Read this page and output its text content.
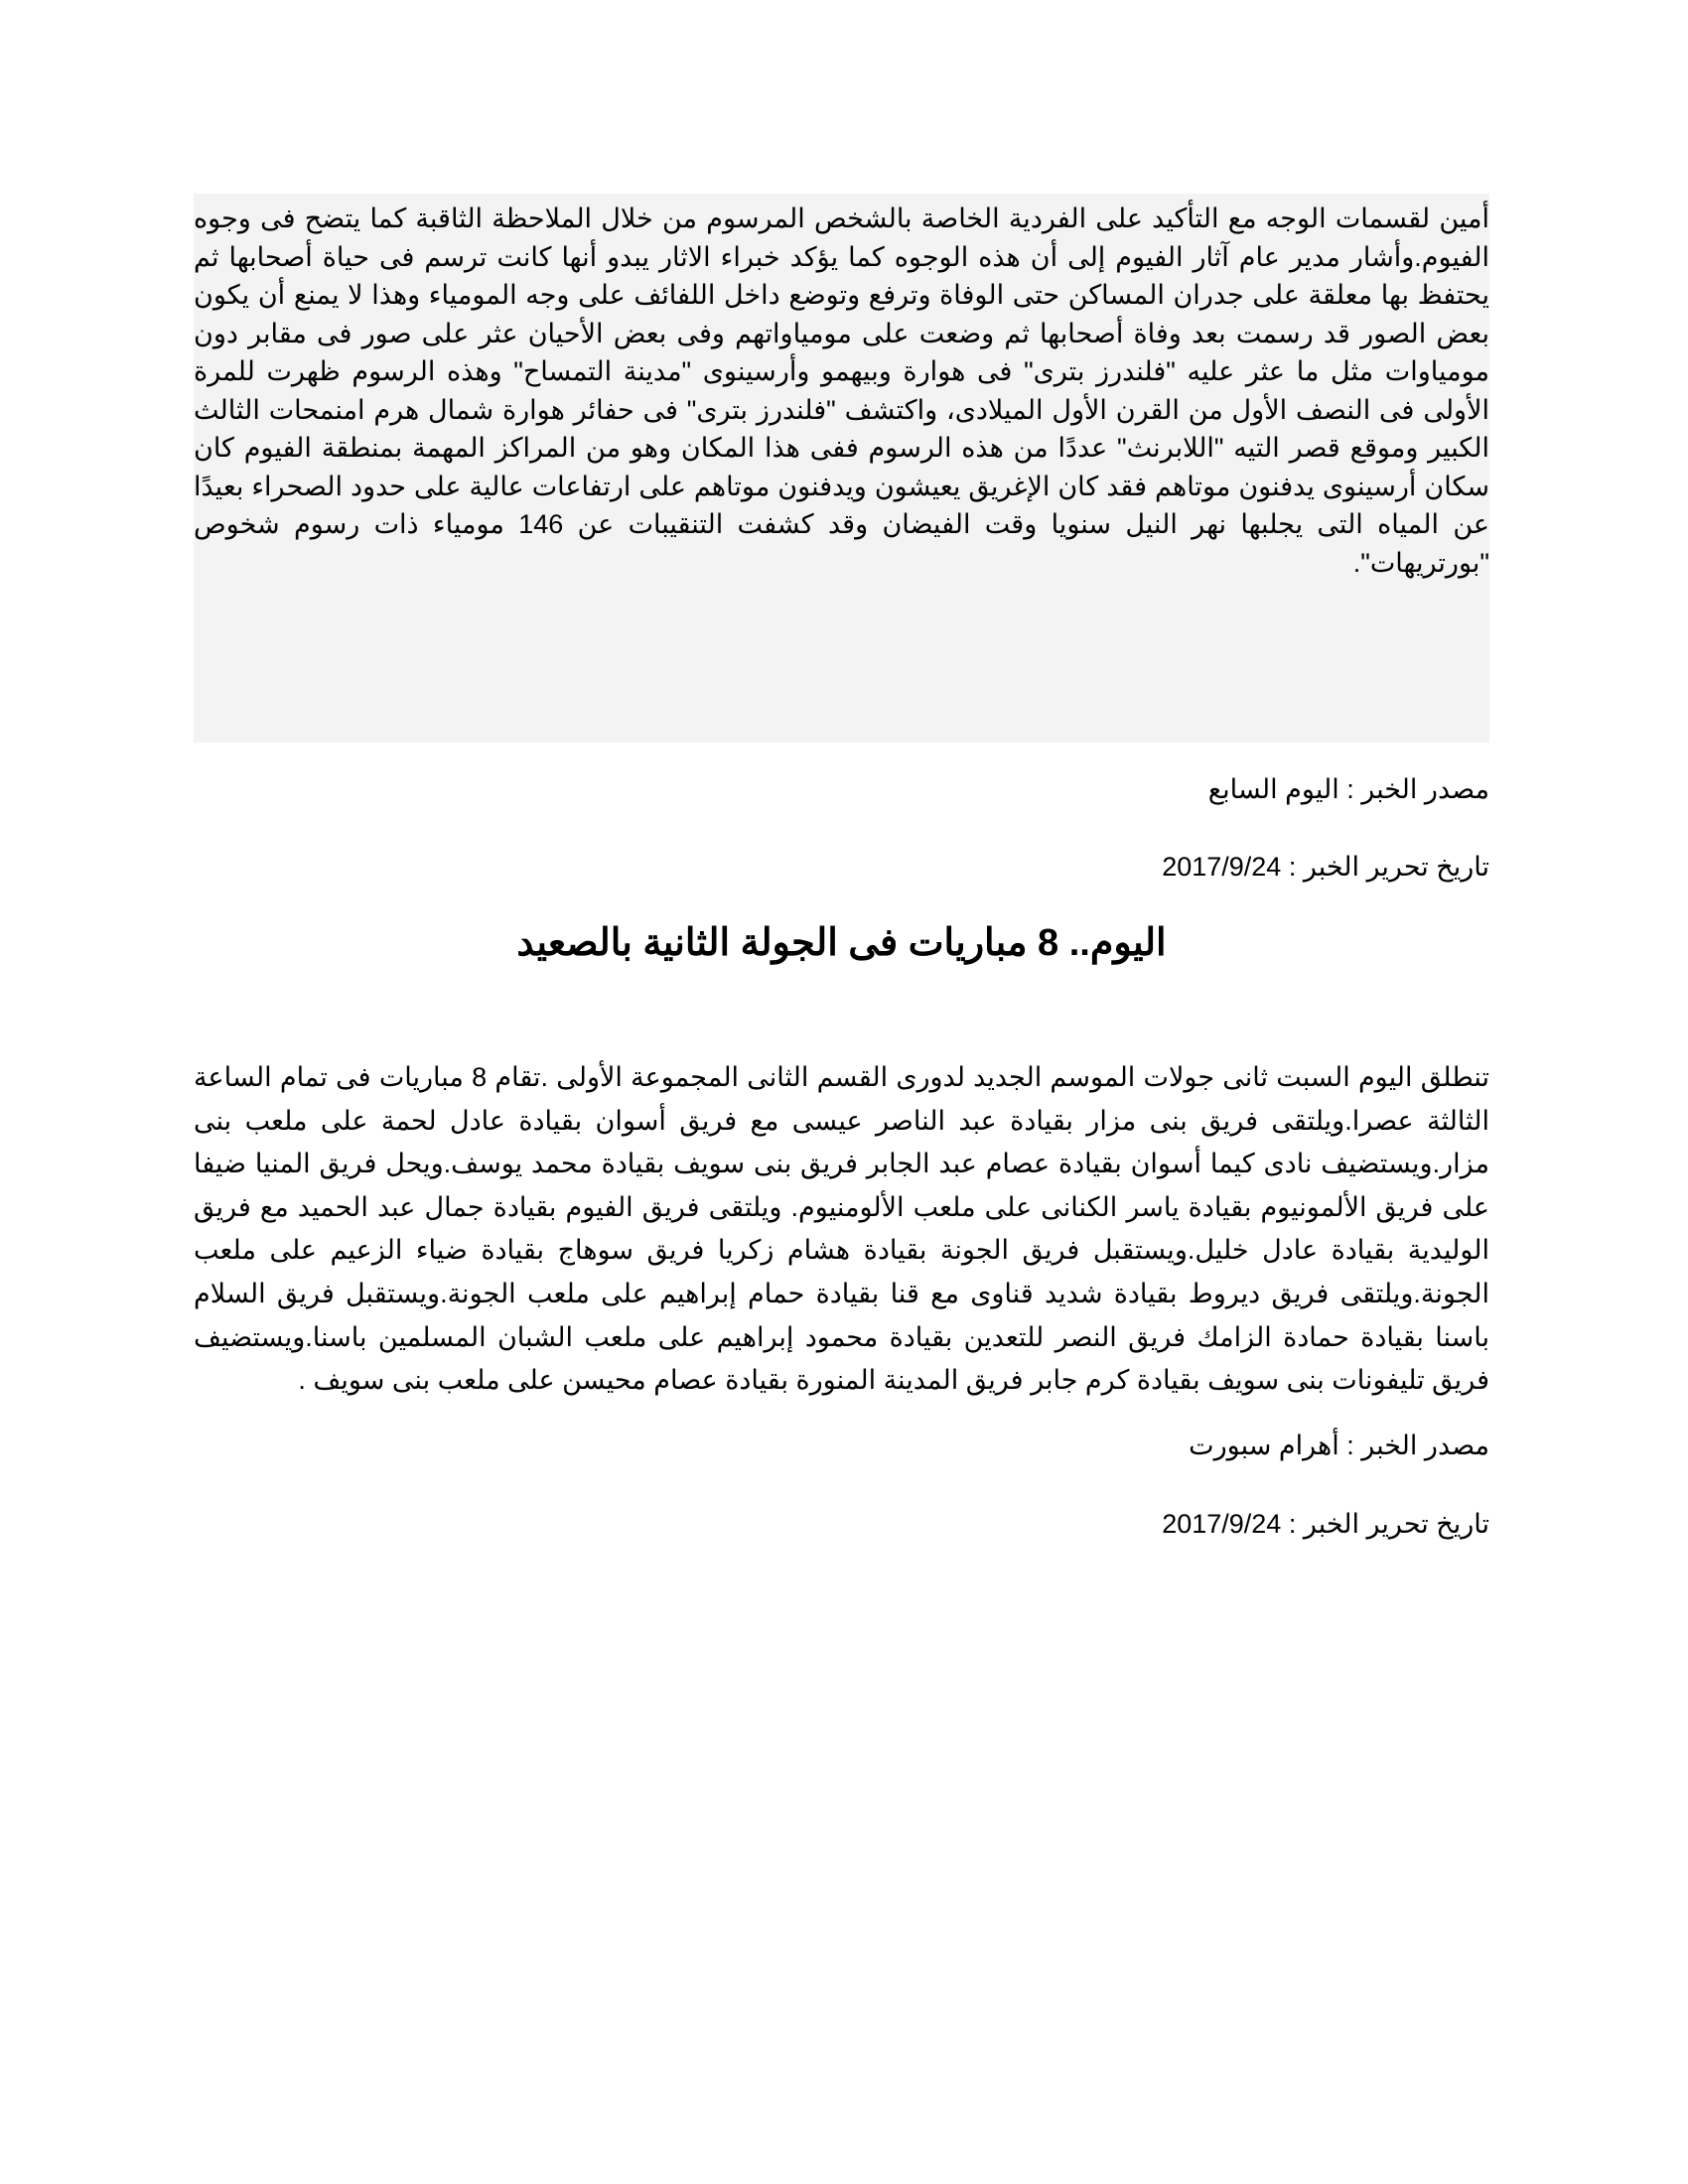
أمين لقسمات الوجه مع التأكيد على الفردية الخاصة بالشخص المرسوم من خلال الملاحظة الثاقبة كما يتضح فى وجوه الفيوم.وأشار مدير عام آثار الفيوم إلى أن هذه الوجوه كما يؤكد خبراء الاثار يبدو أنها كانت ترسم فى حياة أصحابها ثم يحتفظ بها معلقة على جدران المساكن حتى الوفاة وترفع وتوضع داخل اللفائف على وجه المومياء وهذا لا يمنع أن يكون بعض الصور قد رسمت بعد وفاة أصحابها ثم وضعت على مومياواتهم وفى بعض الأحيان عثر على صور فى مقابر دون مومياوات مثل ما عثر عليه "فلندرز بترى" فى هوارة وبيهمو وأرسينوى "مدينة التمساح" وهذه الرسوم ظهرت للمرة الأولى فى النصف الأول من القرن الأول الميلادى، واكتشف "فلندرز بترى" فى حفائر هوارة شمال هرم امنمحات الثالث الكبير وموقع قصر التيه "اللابرنث" عددًا من هذه الرسوم ففى هذا المكان وهو من المراكز المهمة بمنطقة الفيوم كان سكان أرسينوى يدفنون موتاهم فقد كان الإغريق يعيشون ويدفنون موتاهم على ارتفاعات عالية على حدود الصحراء بعيدًا عن المياه التى يجلبها نهر النيل سنويا وقت الفيضان وقد كشفت التنقيبات عن 146 مومياء ذات رسوم شخوص "بورتريهات".

مصدر الخبر : اليوم السابع

تاريخ تحرير الخبر : 2017/9/24

اليوم.. 8 مباريات فى الجولة الثانية بالصعيد

تنطلق اليوم السبت ثانى جولات الموسم الجديد لدورى القسم الثانى المجموعة الأولى .تقام 8 مباريات فى تمام الساعة الثالثة عصرا.ويلتقى فريق بنى مزار بقيادة عبد الناصر عيسى مع فريق أسوان بقيادة عادل لحمة على ملعب بنى مزار.ويستضيف نادى كيما أسوان بقيادة عصام عبد الجابر فريق بنى سويف بقيادة محمد يوسف.ويحل فريق المنيا ضيفا على فريق الألمونيوم بقيادة ياسر الكنانى على ملعب الألومنيوم. ويلتقى فريق الفيوم بقيادة جمال عبد الحميد مع فريق الوليدية بقيادة عادل خليل.ويستقبل فريق الجونة بقيادة هشام زكريا فريق سوهاج بقيادة ضياء الزعيم على ملعب الجونة.ويلتقى فريق ديروط بقيادة شديد قناوى مع قنا بقيادة حمام إبراهيم على ملعب الجونة.ويستقبل فريق السلام باسنا بقيادة حمادة الزامك فريق النصر للتعدين بقيادة محمود إبراهيم على ملعب الشبان المسلمين باسنا.ويستضيف فريق تليفونات بنى سويف بقيادة كرم جابر فريق المدينة المنورة بقيادة عصام محيسن على ملعب بنى سويف .

مصدر الخبر : أهرام سبورت

تاريخ تحرير الخبر : 2017/9/24
